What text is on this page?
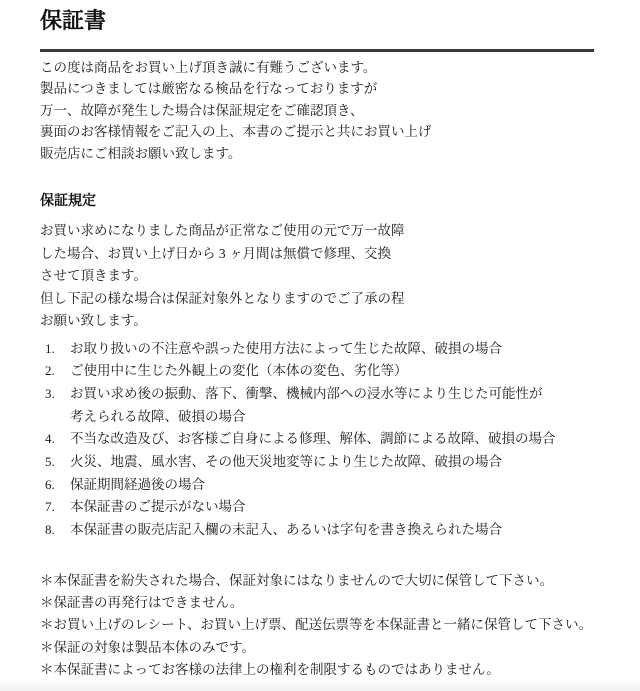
保証書
この度は商品をお買い上げ頂き誠に有難うございます。
製品につきましては厳密なる検品を行なっておりますが
万一、故障が発生した場合は保証規定をご確認頂き、
裏面のお客様情報をご記入の上、本書のご提示と共にお買い上げ
販売店にご相談お願い致します。
保証規定
お買い求めになりました商品が正常なご使用の元で万一故障
した場合、お買い上げ日から 3 ヶ月間は無償で修理、交換
させて頂きます。
但し下記の様な場合は保証対象外となりますのでご了承の程
お願い致します。
1.	お取り扱いの不注意や誤った使用方法によって生じた故障、破損の場合
2.	ご使用中に生じた外観上の変化（本体の変色、劣化等）
3.	お買い求め後の振動、落下、衝撃、機械内部への浸水等により生じた可能性が
考えられる故障、破損の場合
4.	不当な改造及び、お客様ご自身による修理、解体、調節による故障、破損の場合
5.	火災、地震、風水害、その他天災地変等により生じた故障、破損の場合
6.	保証期間経過後の場合
7.	本保証書のご提示がない場合
8.	本保証書の販売店記入欄の未記入、あるいは字句を書き換えられた場合
＊本保証書を紛失された場合、保証対象にはなりませんので大切に保管して下さい。
＊保証書の再発行はできません。
＊お買い上げのレシート、お買い上げ票、配送伝票等を本保証書と一緒に保管して下さい。
＊保証の対象は製品本体のみです。
＊本保証書によってお客様の法律上の権利を制限するものではありません。
